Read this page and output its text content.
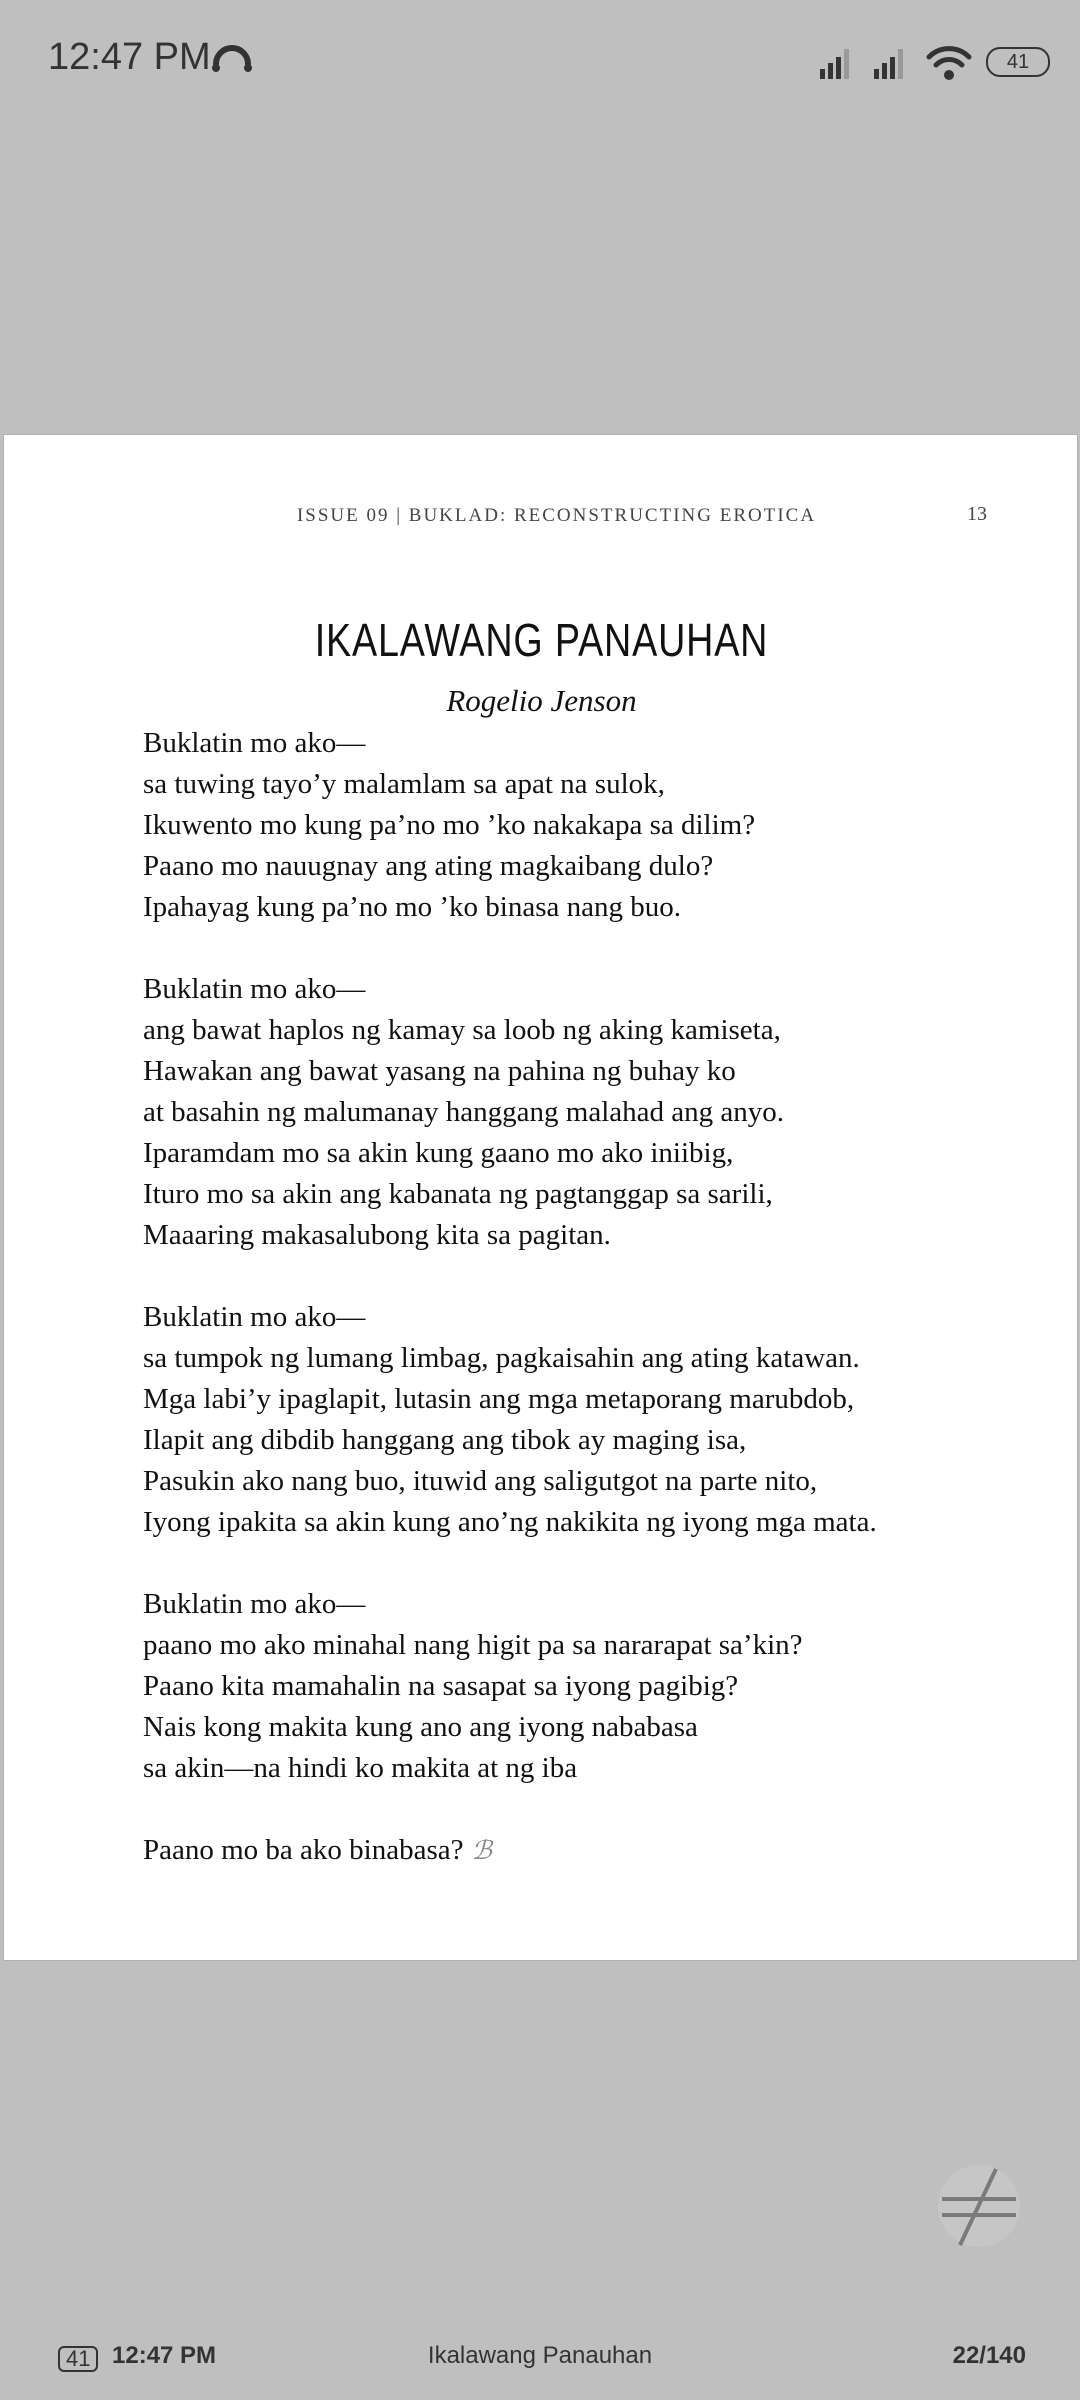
12:47 PM	41
ISSUE 09 | BUKLAD: RECONSTRUCTING EROTICA	13
IKALAWANG PANAUHAN
Rogelio Jenson
Buklatin mo ako—
sa tuwing tayo’y malamlam sa apat na sulok,
Ikuwento mo kung pa’no mo ’ko nakakapa sa dilim?
Paano mo nauugnay ang ating magkaibang dulo?
Ipahayag kung pa’no mo ’ko binasa nang buo.
Buklatin mo ako—
ang bawat haplos ng kamay sa loob ng aking kamiseta,
Hawakan ang bawat yasang na pahina ng buhay ko
at basahin ng malumanay hanggang malahad ang anyo.
Iparamdam mo sa akin kung gaano mo ako iniibig,
Ituro mo sa akin ang kabanata ng pagtanggap sa sarili,
Maaaring makasalubong kita sa pagitan.
Buklatin mo ako—
sa tumpok ng lumang limbag, pagkaisahin ang ating katawan.
Mga labi’y ipaglapit, lutasin ang mga metaporang marubdob,
Ilapit ang dibdib hanggang ang tibok ay maging isa,
Pasukin ako nang buo, ituwid ang saligutgot na parte nito,
Iyong ipakita sa akin kung ano’ng nakikita ng iyong mga mata.
Buklatin mo ako—
paano mo ako minahal nang higit pa sa nararapat sa’kin?
Paano kita mamahalin na sasapat sa iyong pagibig?
Nais kong makita kung ano ang iyong nababasa
sa akin—na hindi ko makita at ng iba
Paano mo ba ako binabasa? ℬ
41 12:47 PM	Ikalawang Panauhan	22/140
